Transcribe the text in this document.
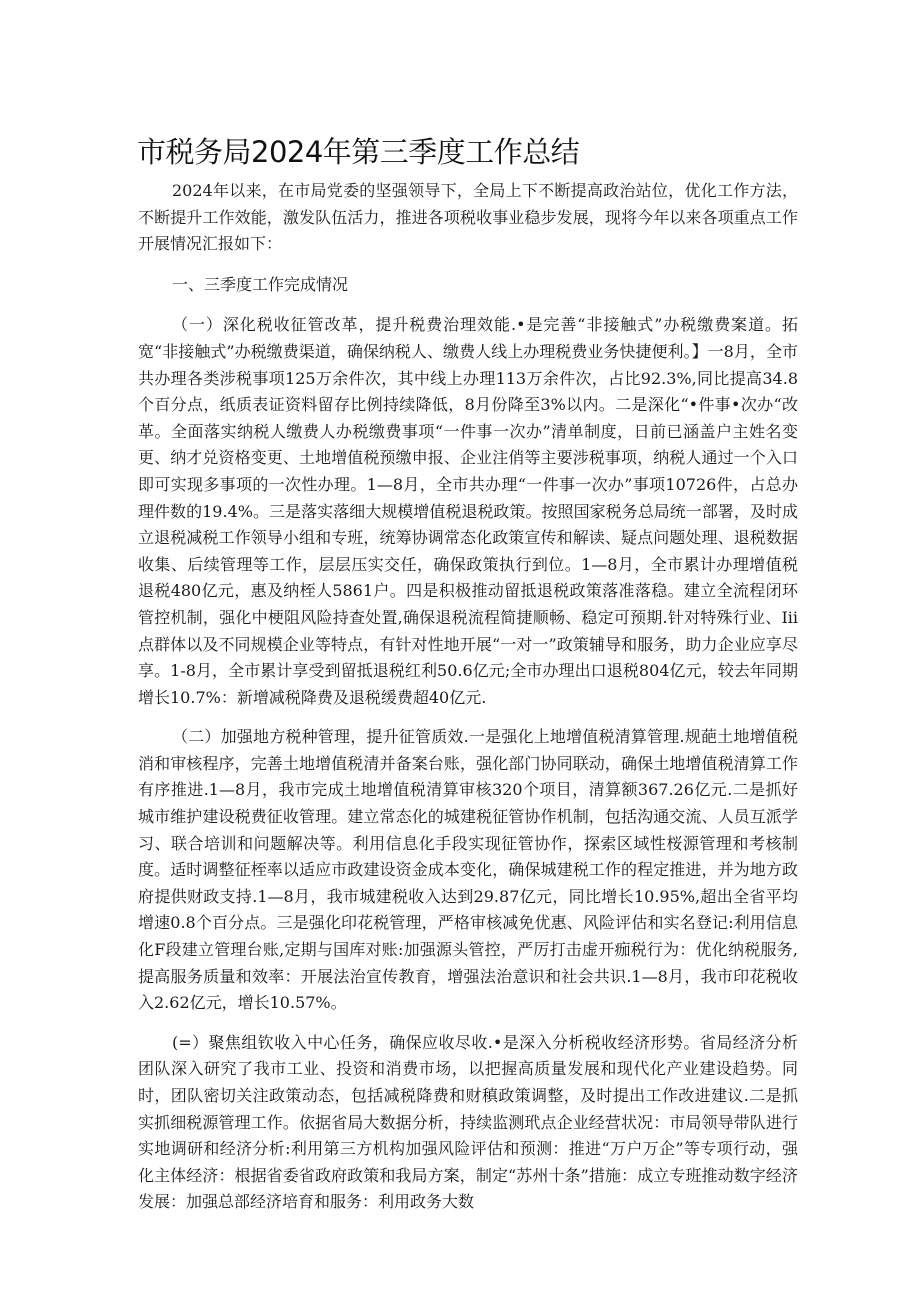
市税务局2024年第三季度工作总结

2024年以来，在市局党委的坚强领导下，全局上下不断提高政治站位，优化工作方法，不断提升工作效能，激发队伍活力，推进各项税收事业稳步发展，现将今年以来各项重点工作开展情况汇报如下：

一、三季度工作完成情况

（一）深化税收征管改革，提升税费治理效能.•是完善“非接触式”办税缴费案道。拓宽“非接触式”办税缴费渠道，确保纳税人、缴费人线上办理税费业务快捷便利。】一8月，全市共办理各类涉税事项125万余件次，其中线上办理113万余件次，占比92.3%,同比提高34.8个百分点，纸质表证资料留存比例持续降低，8月份降至3%以内。二是深化“•件事•次办“改革。全面落实纳税人缴费人办税缴费事项“一件事一次办”清单制度，日前已涵盖户主姓名变更、纳才兑资格变更、土地增值税预缴申报、企业注俏等主要涉税事项，纳税人通过一个入口即可实现多事项的一次性办理。1—8月，全市共办理“一件事一次办”事项10726件，占总办理件数的19.4%。三是落实落细大规模增值税退税政策。按照国家税务总局统一部署，及时成立退税减税工作领导小组和专班，统筹协调常态化政策宣传和解读、疑点问题处理、退税数据收集、后续管理等工作，层层压实交任，确保政策执行到位。1—8月，全市累计办理增值税退税480亿元，惠及纳桎人5861户。四是积极推动留抵退税政策落准落稳。建立全流程闭环管控机制，强化中梗阻风险持查处置,确保退税流程简捷顺畅、稳定可预期.针对特殊行业、Iii点群体以及不同规模企业等特点，有针对性地开展“一对一”政策辅导和服务，助力企业应享尽享。1-8月，全市累计享受到留抵退税红利50.6亿元;全市办理出口退税804亿元，较去年同期增长10.7%：新增减税降费及退税缓费超40亿元.

（二）加强地方税种管理，提升征管质效.一是强化上地增值税清算管理.规葩土地增值税消和审核程序，完善土地增值税清并备案台账，强化部门协同联动，确保土地增值税清算工作有序推进.1—8月，我市完成土地增值税清算审核320个项目，清算额367.26亿元.二是抓好城市维护建设税费征收管理。建立常态化的城建税征管协作机制，包括沟通交流、人员互派学习、联合培训和问题解决等。利用信息化手段实现征管协作，探索区域性桜源管理和考核制度。适时调整征桎率以适应市政建设资金成本变化，确保城建税工作的程定推进，并为地方政府提供财政支持.1—8月，我市城建税收入达到29.87亿元，同比增长10.95%,超出全省平均增速0.8个百分点。三是强化印花税管理，严格审核减免优惠、风险评估和实名登记:利用信息化F段建立管理台账,定期与国库对账:加强源头管控，严厉打击虚开痂税行为：优化纳税服务,提高服务质量和效率：开展法治宣传教育，增强法治意识和社会共识.1—8月，我市印花税收入2.62亿元，增长10.57%。

(=）聚焦组钦收入中心任务，确保应收尽收.•是深入分析税收经济形势。省局经济分析团队深入研究了我市工业、投资和消费市场，以把握高质量发展和现代化产业建设趋势。同时，团队密切关注政策动态，包括减税降费和财稹政策调整，及时提出工作改进建议.二是抓实抓细税源管理工作。依据省局大数据分析，持续监测玳点企业经营状况：市局领导带队进行实地调研和经济分析:利用第三方机构加强风险评估和预测：推进“万户万企”等专项行动，强化主体经济：根据省委省政府政策和我局方案，制定“苏州十条”措施：成立专班推动数字经济发展：加强总部经济培育和服务：利用政务大数
